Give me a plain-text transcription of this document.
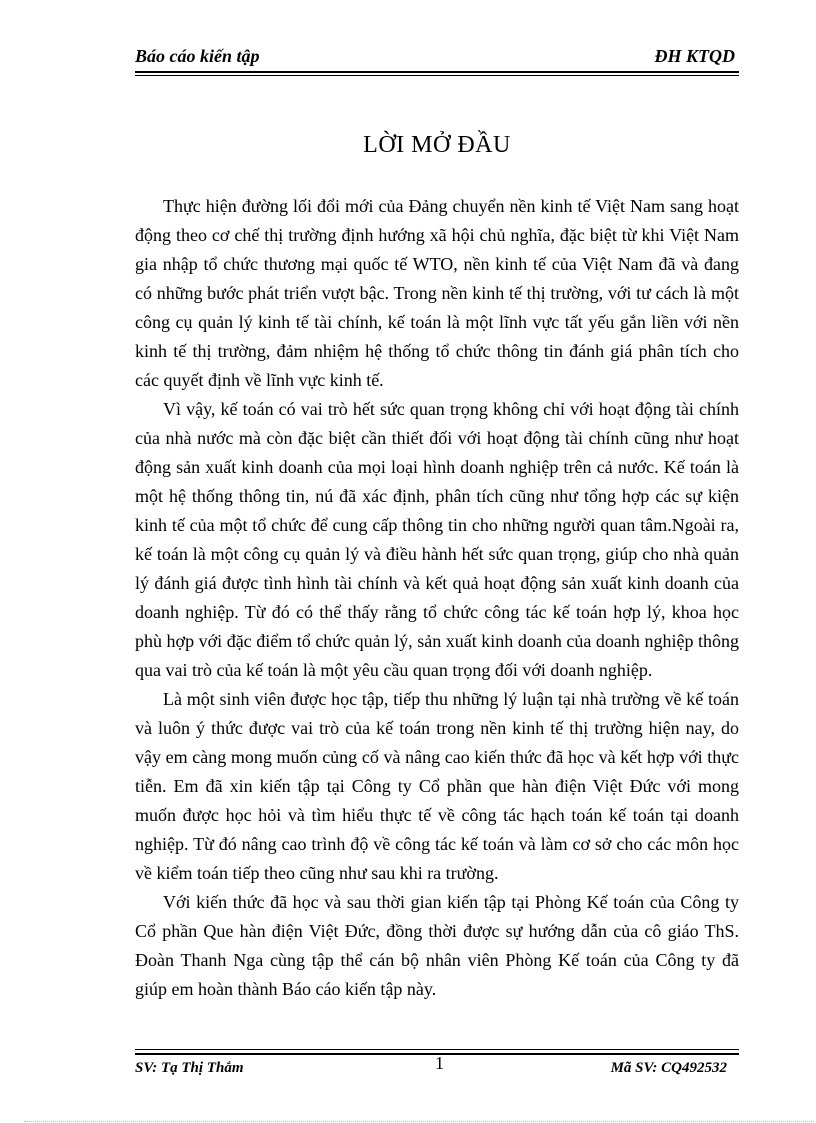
Báo cáo kiến tập	ĐH KTQD
LỜI MỞ ĐẦU

Thực hiện đường lối đổi mới của Đảng chuyển nền kinh tế Việt Nam sang hoạt động theo cơ chế thị trường định hướng xã hội chủ nghĩa, đặc biệt từ khi Việt Nam gia nhập tổ chức thương mại quốc tế WTO, nền kinh tế của Việt Nam đã và đang có những bước phát triển vượt bậc. Trong nền kinh tế thị trường, với tư cách là một công cụ quản lý kinh tế tài chính, kế toán là một lĩnh vực tất yếu gắn liền với nền kinh tế thị trường, đảm nhiệm hệ thống tổ chức thông tin đánh giá phân tích cho các quyết định về lĩnh vực kinh tế.

Vì vậy, kế toán có vai trò hết sức quan trọng không chỉ với hoạt động tài chính của nhà nước mà còn đặc biệt cần thiết đối với hoạt động tài chính cũng như hoạt động sản xuất kinh doanh của mọi loại hình doanh nghiệp trên cả nước. Kế toán là một hệ thống thông tin, nú đã xác định, phân tích cũng như tổng hợp các sự kiện kinh tế của một tổ chức để cung cấp thông tin cho những người quan tâm.Ngoài ra, kế toán là một công cụ quản lý và điều hành hết sức quan trọng, giúp cho nhà quản lý đánh giá được tình hình tài chính và kết quả hoạt động sản xuất kinh doanh của doanh nghiệp. Từ đó có thể thấy rằng tổ chức công tác kế toán hợp lý, khoa học phù hợp với đặc điểm tổ chức quản lý, sản xuất kinh doanh của doanh nghiệp thông qua vai trò của kế toán là một yêu cầu quan trọng đối với doanh nghiệp.

Là một sinh viên được học tập, tiếp thu những lý luận tại nhà trường về kế toán và luôn ý thức được vai trò của kế toán trong nền kinh tế thị trường hiện nay, do vậy em càng mong muốn củng cố và nâng cao kiến thức đã học và kết hợp với thực tiễn. Em đã xin kiến tập tại Công ty Cổ phần que hàn điện Việt Đức với mong muốn được học hỏi và tìm hiểu thực tế về công tác hạch toán kế toán tại doanh nghiệp. Từ đó nâng cao trình độ về công tác kế toán và làm cơ sở cho các môn học về kiểm toán tiếp theo cũng như sau khi ra trường.

Với kiến thức đã học và sau thời gian kiến tập tại Phòng Kế toán của Công ty Cổ phần Que hàn điện Việt Đức, đồng thời được sự hướng dẫn của cô giáo ThS. Đoàn Thanh Nga cùng tập thể cán bộ nhân viên Phòng Kế toán của Công ty đã giúp em hoàn thành Báo cáo kiến tập này.

SV: Tạ Thị Thắm	1	Mã SV: CQ492532
